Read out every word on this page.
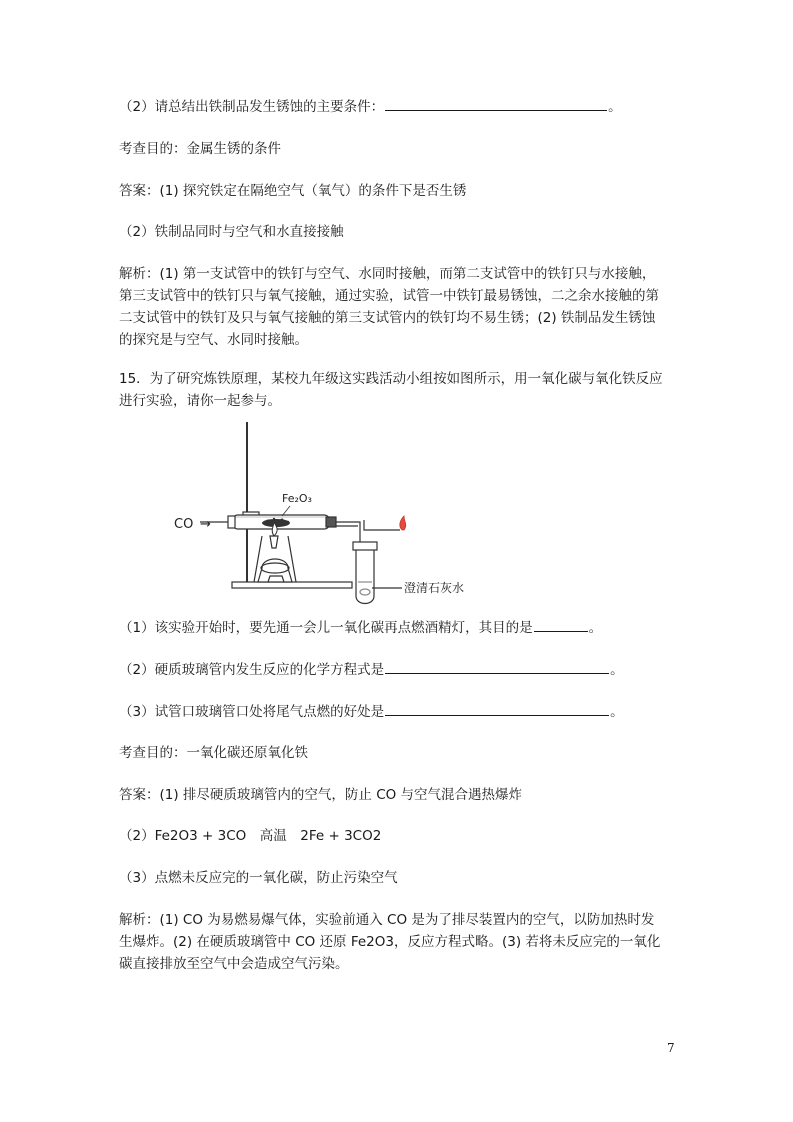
（2）请总结出铁制品发生锈蚀的主要条件：	。
考查目的：金属生锈的条件
答案：(1) 探究铁定在隔绝空气（氧气）的条件下是否生锈
（2）铁制品同时与空气和水直接接触
解析：(1) 第一支试管中的铁钉与空气、水同时接触，而第二支试管中的铁钉只与水接触，
第三支试管中的铁钉只与氧气接触，通过实验，试管一中铁钉最易锈蚀，二之余水接触的第
二支试管中的铁钉及只与氧气接触的第三支试管内的铁钉均不易生锈；(2) 铁制品发生锈蚀
的探究是与空气、水同时接触。
15．为了研究炼铁原理，某校九年级这实践活动小组按如图所示，用一氧化碳与氧化铁反应
进行实验，请你一起参与。
CO →
Fe₂O₃
澄清石灰水
（1）该实验开始时，要先通一会儿一氧化碳再点燃酒精灯，其目的是	。
（2）硬质玻璃管内发生反应的化学方程式是	。
（3）试管口玻璃管口处将尾气点燃的好处是	。
考查目的：一氧化碳还原氧化铁
答案：(1) 排尽硬质玻璃管内的空气，防止 CO 与空气混合遇热爆炸
（2）Fe2O3 + 3CO　高温　2Fe + 3CO2
（3）点燃未反应完的一氧化碳，防止污染空气
解析：(1) CO 为易燃易爆气体，实验前通入 CO 是为了排尽装置内的空气，以防加热时发
生爆炸。(2) 在硬质玻璃管中 CO 还原 Fe2O3，反应方程式略。(3) 若将未反应完的一氧化
碳直接排放至空气中会造成空气污染。
7
